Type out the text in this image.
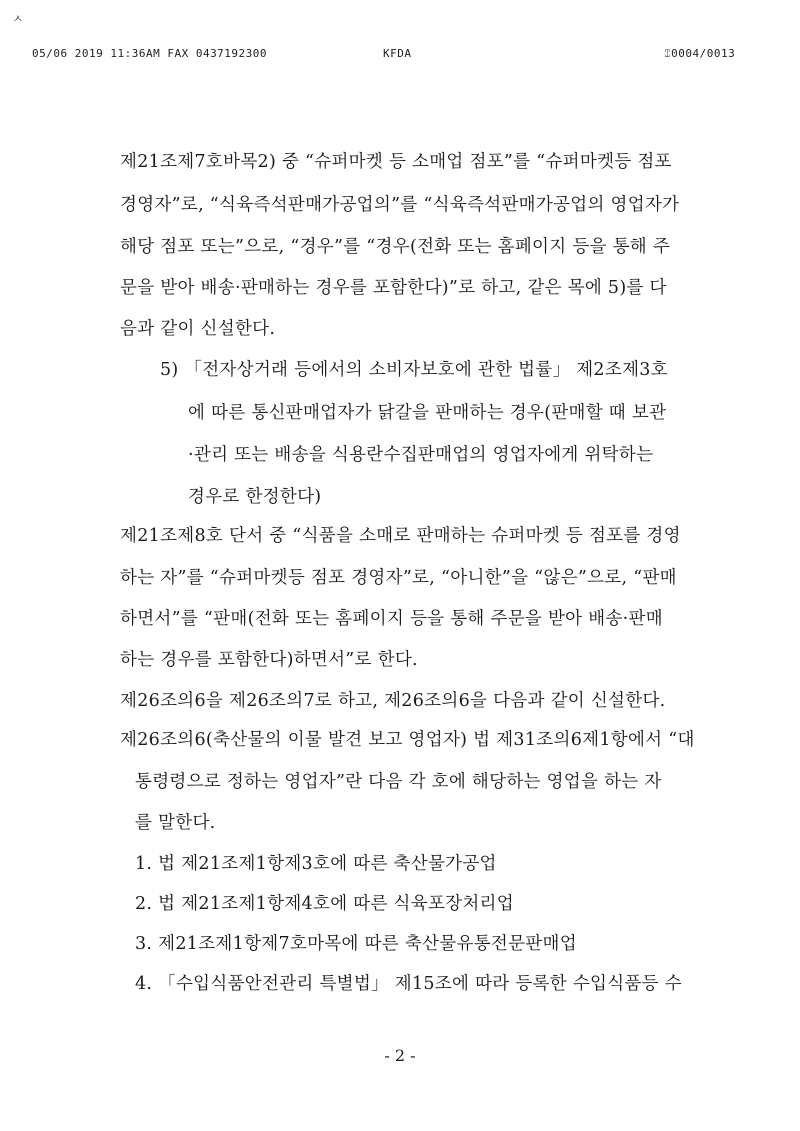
ㅅ
05/06 2019 11:36AM FAX 0437192300	KFDA	⑄0004/0013
제21조제7호바목2) 중 “슈퍼마켓 등 소매업 점포”를 “슈퍼마켓등 점포
경영자”로, “식육즉석판매가공업의”를 “식육즉석판매가공업의 영업자가
해당 점포 또는”으로, “경우”를 “경우(전화 또는 홈페이지 등을 통해 주
문을 받아 배송·판매하는 경우를 포함한다)”로 하고, 같은 목에 5)를 다
음과 같이 신설한다.
5) 「전자상거래 등에서의 소비자보호에 관한 법률」 제2조제3호
에 따른 통신판매업자가 닭갈을 판매하는 경우(판매할 때 보관
·관리 또는 배송을 식용란수집판매업의 영업자에게 위탁하는
경우로 한정한다)
제21조제8호 단서 중 “식품을 소매로 판매하는 슈퍼마켓 등 점포를 경영
하는 자”를 “슈퍼마켓등 점포 경영자”로, “아니한”을 “않은”으로, “판매
하면서”를 “판매(전화 또는 홈페이지 등을 통해 주문을 받아 배송·판매
하는 경우를 포함한다)하면서”로 한다.
제26조의6을 제26조의7로 하고, 제26조의6을 다음과 같이 신설한다.
제26조의6(축산물의 이물 발견 보고 영업자) 법 제31조의6제1항에서 “대
통령령으로 정하는 영업자”란 다음 각 호에 해당하는 영업을 하는 자
를 말한다.
1. 법 제21조제1항제3호에 따른 축산물가공업
2. 법 제21조제1항제4호에 따른 식육포장처리업
3. 제21조제1항제7호마목에 따른 축산물유통전문판매업
4. 「수입식품안전관리 특별법」 제15조에 따라 등록한 수입식품등 수
- 2 -
